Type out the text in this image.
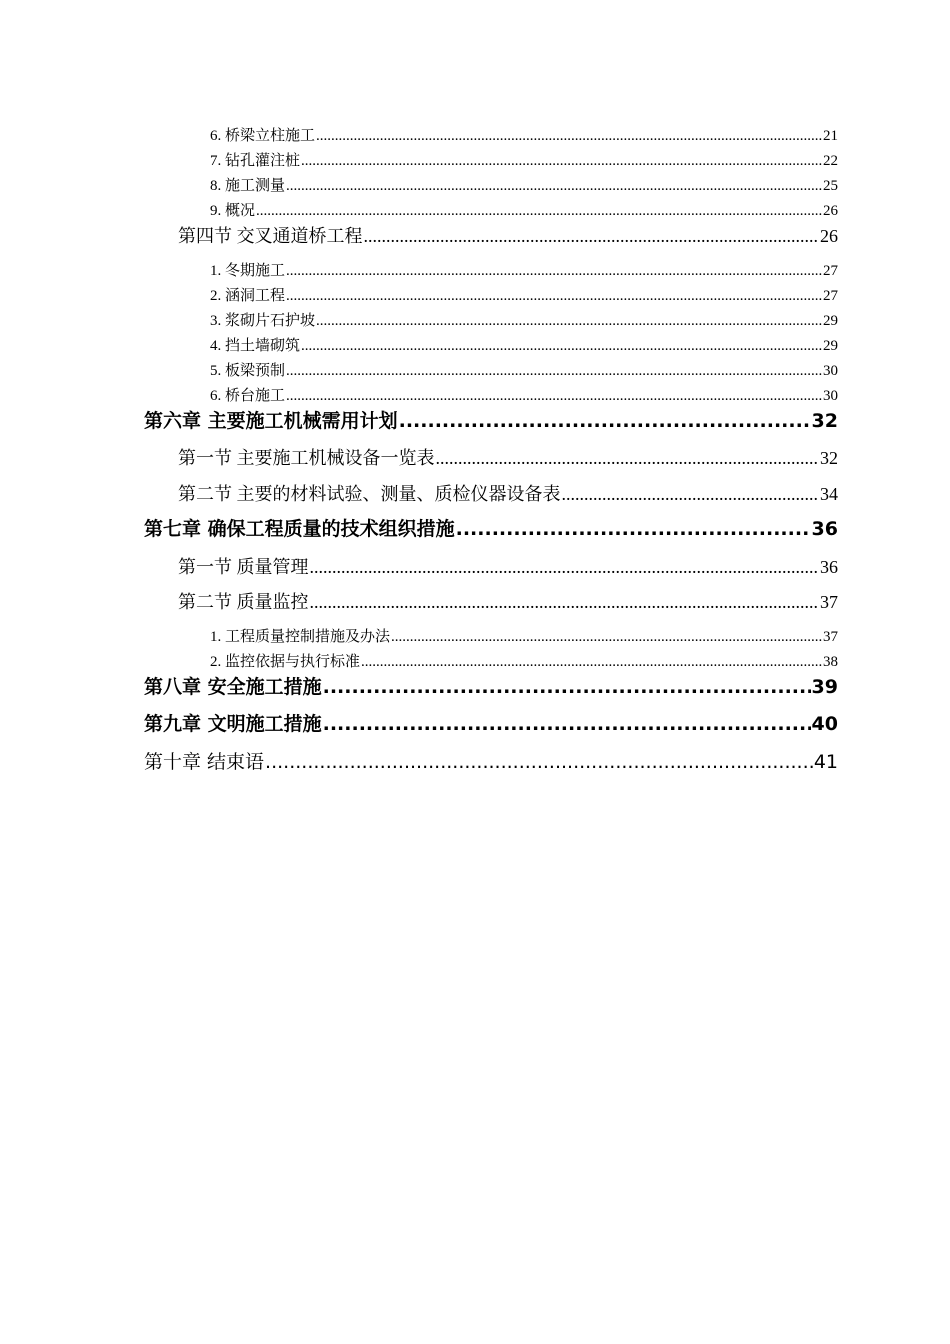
6. 桥梁立柱施工 .....	21
7. 钻孔灌注桩 .....	22
8. 施工测量 .....	25
9. 概况 .....	26
第四节 交叉通道桥工程 .....	26
1. 冬期施工 .....	27
2. 涵洞工程 .....	27
3. 浆砌片石护坡 .....	29
4. 挡土墙砌筑 .....	29
5. 板梁预制 .....	30
6. 桥台施工 .....	30
第六章 主要施工机械需用计划 .....	32
第一节 主要施工机械设备一览表 .....	32
第二节 主要的材料试验、测量、质检仪器设备表 .....	34
第七章 确保工程质量的技术组织措施 .....	36
第一节 质量管理 .....	36
第二节 质量监控 .....	37
1. 工程质量控制措施及办法 .....	37
2. 监控依据与执行标准 .....	38
第八章 安全施工措施 .....	39
第九章 文明施工措施 .....	40
第十章 结束语 .....	41
